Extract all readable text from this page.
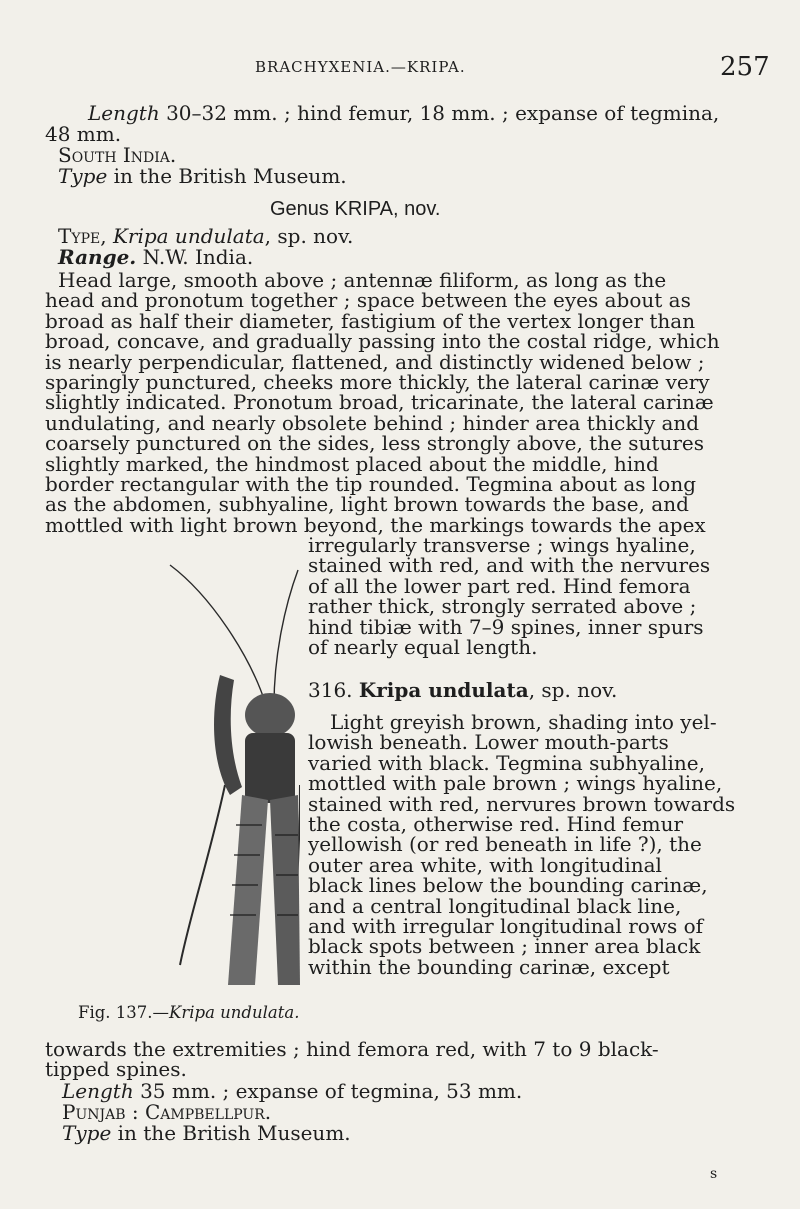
BRACHYXENIA.—KRIPA.	257

Length 30–32 mm. ; hind femur, 18 mm. ; expanse of tegmina,

48 mm.

South India.

Type in the British Museum.

Genus KRIPA, nov.

Type, Kripa undulata, sp. nov.

Range. N.W. India.

Head large, smooth above ; antennæ filiform, as long as the

head and pronotum together ; space between the eyes about as

broad as half their diameter, fastigium of the vertex longer than

broad, concave, and gradually passing into the costal ridge, which

is nearly perpendicular, flattened, and distinctly widened below ;

sparingly punctured, cheeks more thickly, the lateral carinæ very

slightly indicated. Pronotum broad, tricarinate, the lateral carinæ

undulating, and nearly obsolete behind ; hinder area thickly and

coarsely punctured on the sides, less strongly above, the sutures

slightly marked, the hindmost placed about the middle, hind

border rectangular with the tip rounded. Tegmina about as long

as the abdomen, subhyaline, light brown towards the base, and

mottled with light brown beyond, the markings towards the apex

irregularly transverse ; wings hyaline,

stained with red, and with the nervures

of all the lower part red. Hind femora

rather thick, strongly serrated above ;

hind tibiæ with 7–9 spines, inner spurs

of nearly equal length.

316. Kripa undulata, sp. nov.

Light greyish brown, shading into yel-

lowish beneath. Lower mouth-parts

varied with black. Tegmina subhyaline,

mottled with pale brown ; wings hyaline,

stained with red, nervures brown towards

the costa, otherwise red. Hind femur

yellowish (or red beneath in life ?), the

outer area white, with longitudinal

black lines below the bounding carinæ,

and a central longitudinal black line,

and with irregular longitudinal rows of

black spots between ; inner area black

within the bounding carinæ, except

Fig. 137.—Kripa undulata.

towards the extremities ; hind femora red, with 7 to 9 black-

tipped spines.

Length 35 mm. ; expanse of tegmina, 53 mm.

Punjab : Campbellpur.

Type in the British Museum.

s
